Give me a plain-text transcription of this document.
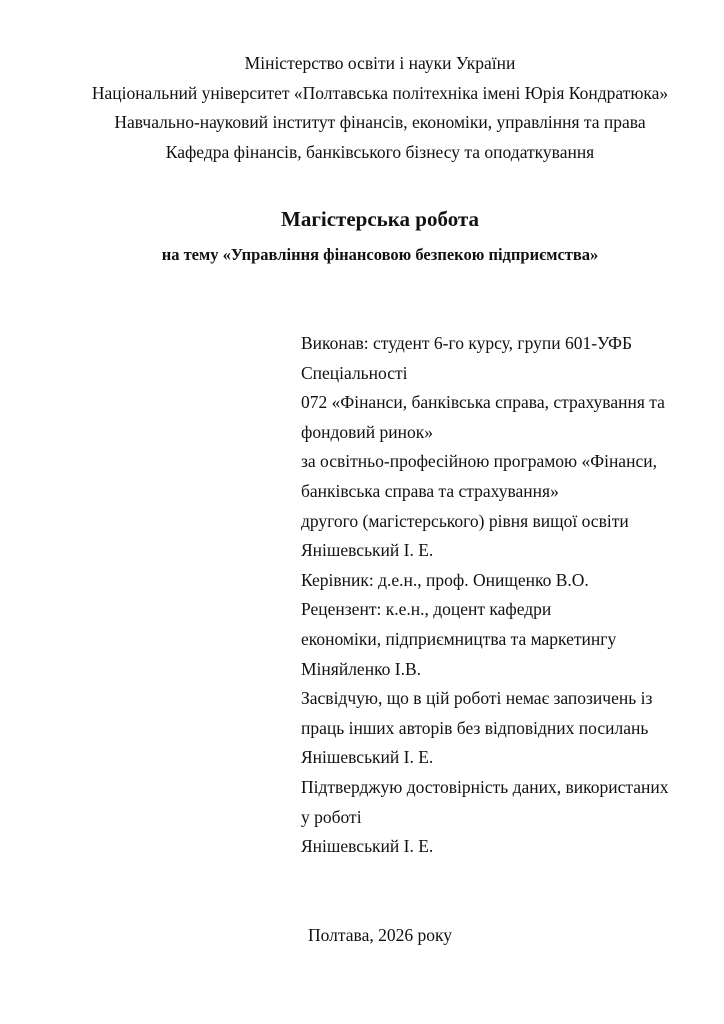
Міністерство освіти і науки України
Національний університет «Полтавська політехніка імені Юрія Кондратюка»
Навчально-науковий інститут фінансів, економіки, управління та права
Кафедра фінансів, банківського бізнесу та оподаткування
Магістерська робота
на тему «Управління фінансовою безпекою підприємства»
Виконав: студент 6-го курсу, групи 601-УФБ
Спеціальності
072 «Фінанси, банківська справа, страхування та
фондовий ринок»
за освітньо-професійною програмою «Фінанси,
банківська справа та страхування»
другого (магістерського) рівня вищої освіти
Янішевський І. Е.
Керівник: д.е.н., проф. Онищенко В.О.
Рецензент: к.е.н., доцент кафедри
економіки, підприємництва та маркетингу
Міняйленко І.В.
Засвідчую, що в цій роботі немає запозичень із
праць інших авторів без відповідних посилань
Янішевський І. Е.
Підтверджую достовірність даних, використаних
у роботі
Янішевський І. Е.
Полтава, 2026 року
